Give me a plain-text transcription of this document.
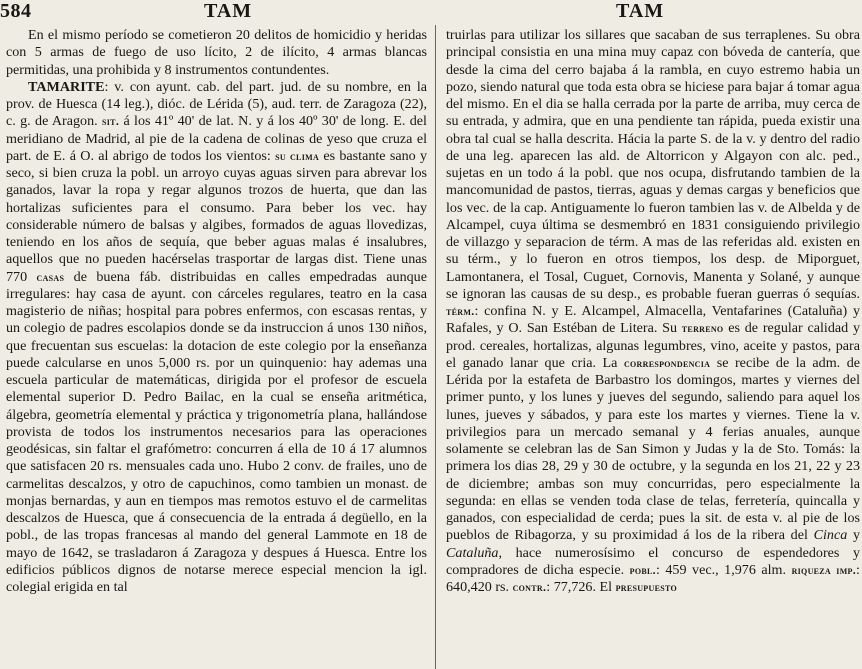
584	TAM	TAM

En el mismo período se cometieron 20 delitos de homicidio y heridas con 5 armas de fuego de uso lícito, 2 de ilícito, 4 armas blancas permitidas, una prohibida y 8 instrumentos contundentes.

TAMARITE: v. con ayunt. cab. del part. jud. de su nombre, en la prov. de Huesca (14 leg.), dióc. de Lérida (5), aud. terr. de Zaragoza (22), c. g. de Aragon. sit. á los 41º 40' de lat. N. y á los 40º 30' de long. E. del meridiano de Madrid, al pie de la cadena de colinas de yeso que cruza el part. de E. á O. al abrigo de todos los vientos: su clima es bastante sano y seco, si bien cruza la pobl. un arroyo cuyas aguas sirven para abrevar los ganados, lavar la ropa y regar algunos trozos de huerta, que dan las hortalizas suficientes para el consumo. Para beber los vec. hay considerable número de balsas y algibes, formados de aguas llovedizas, teniendo en los años de sequía, que beber aguas malas é insalubres, aquellos que no pueden hacérselas trasportar de largas dist. Tiene unas 770 casas de buena fáb. distribuidas en calles empedradas aunque irregulares: hay casa de ayunt. con cárceles regulares, teatro en la casa magisterio de niñas; hospital para pobres enfermos, con escasas rentas, y un colegio de padres escolapios donde se da instruccion á unos 130 niños, que frecuentan sus escuelas: la dotacion de este colegio por la enseñanza puede calcularse en unos 5,000 rs. por un quinquenio: hay ademas una escuela particular de matemáticas, dirigida por el profesor de escuela elemental superior D. Pedro Bailac, en la cual se enseña aritmética, álgebra, geometría elemental y práctica y trigonometría plana, hallándose provista de todos los instrumentos necesarios para las operaciones geodésicas, sin faltar el grafómetro: concurren á ella de 10 á 17 alumnos que satisfacen 20 rs. mensuales cada uno. Hubo 2 conv. de frailes, uno de carmelitas descalzos, y otro de capuchinos, como tambien un monast. de monjas bernardas, y aun en tiempos mas remotos estuvo el de carmelitas descalzos de Huesca, que á consecuencia de la entrada á degüello, en la pobl., de las tropas francesas al mando del general Lammote en 18 de mayo de 1642, se trasladaron á Zaragoza y despues á Huesca. Entre los edificios públicos dignos de notarse merece especial mencion la igl. colegial erigida en tal

truirlas para utilizar los sillares que sacaban de sus terraplenes. Su obra principal consistia en una mina muy capaz con bóveda de cantería, que desde la cima del cerro bajaba á la rambla, en cuyo estremo habia un pozo, siendo natural que toda esta obra se hiciese para bajar á tomar agua del mismo. En el dia se halla cerrada por la parte de arriba, muy cerca de su entrada, y admira, que en una pendiente tan rápida, pueda existir una obra tal cual se halla descrita. Hácia la parte S. de la v. y dentro del radio de una leg. aparecen las ald. de Altorricon y Algayon con alc. ped., sujetas en un todo á la pobl. que nos ocupa, disfrutando tambien de la mancomunidad de pastos, tierras, aguas y demas cargas y beneficios que los vec. de la cap. Antiguamente lo fueron tambien las v. de Albelda y de Alcampel, cuya última se desmembró en 1831 consiguiendo privilegio de villazgo y separacion de térm. A mas de las referidas ald. existen en su térm., y lo fueron en otros tiempos, los desp. de Miporguet, Lamontanera, el Tosal, Cuguet, Cornovis, Manenta y Solané, y aunque se ignoran las causas de su desp., es probable fueran guerras ó sequías. térm.: confina N. y E. Alcampel, Almacella, Ventafarines (Cataluña) y Rafales, y O. San Estéban de Litera. Su terreno es de regular calidad y prod. cereales, hortalizas, algunas legumbres, vino, aceite y pastos, para el ganado lanar que cria. La correspondencia se recibe de la adm. de Lérida por la estafeta de Barbastro los domingos, martes y viernes del primer punto, y los lunes y jueves del segundo, saliendo para aquel los lunes, jueves y sábados, y para este los martes y viernes. Tiene la v. privilegios para un mercado semanal y 4 ferias anuales, aunque solamente se celebran las de San Simon y Judas y la de Sto. Tomás: la primera los dias 28, 29 y 30 de octubre, y la segunda en los 21, 22 y 23 de diciembre; ambas son muy concurridas, pero especialmente la segunda: en ellas se venden toda clase de telas, ferretería, quincalla y ganados, con especialidad de cerda; pues la sit. de esta v. al pie de los pueblos de Ribagorza, y su proximidad á los de la ribera del Cinca y Cataluña, hace numerosísimo el concurso de espendedores y compradores de dicha especie. pobl.: 459 vec., 1,976 alm. riqueza imp.: 640,420 rs. contr.: 77,726. El presupuesto
